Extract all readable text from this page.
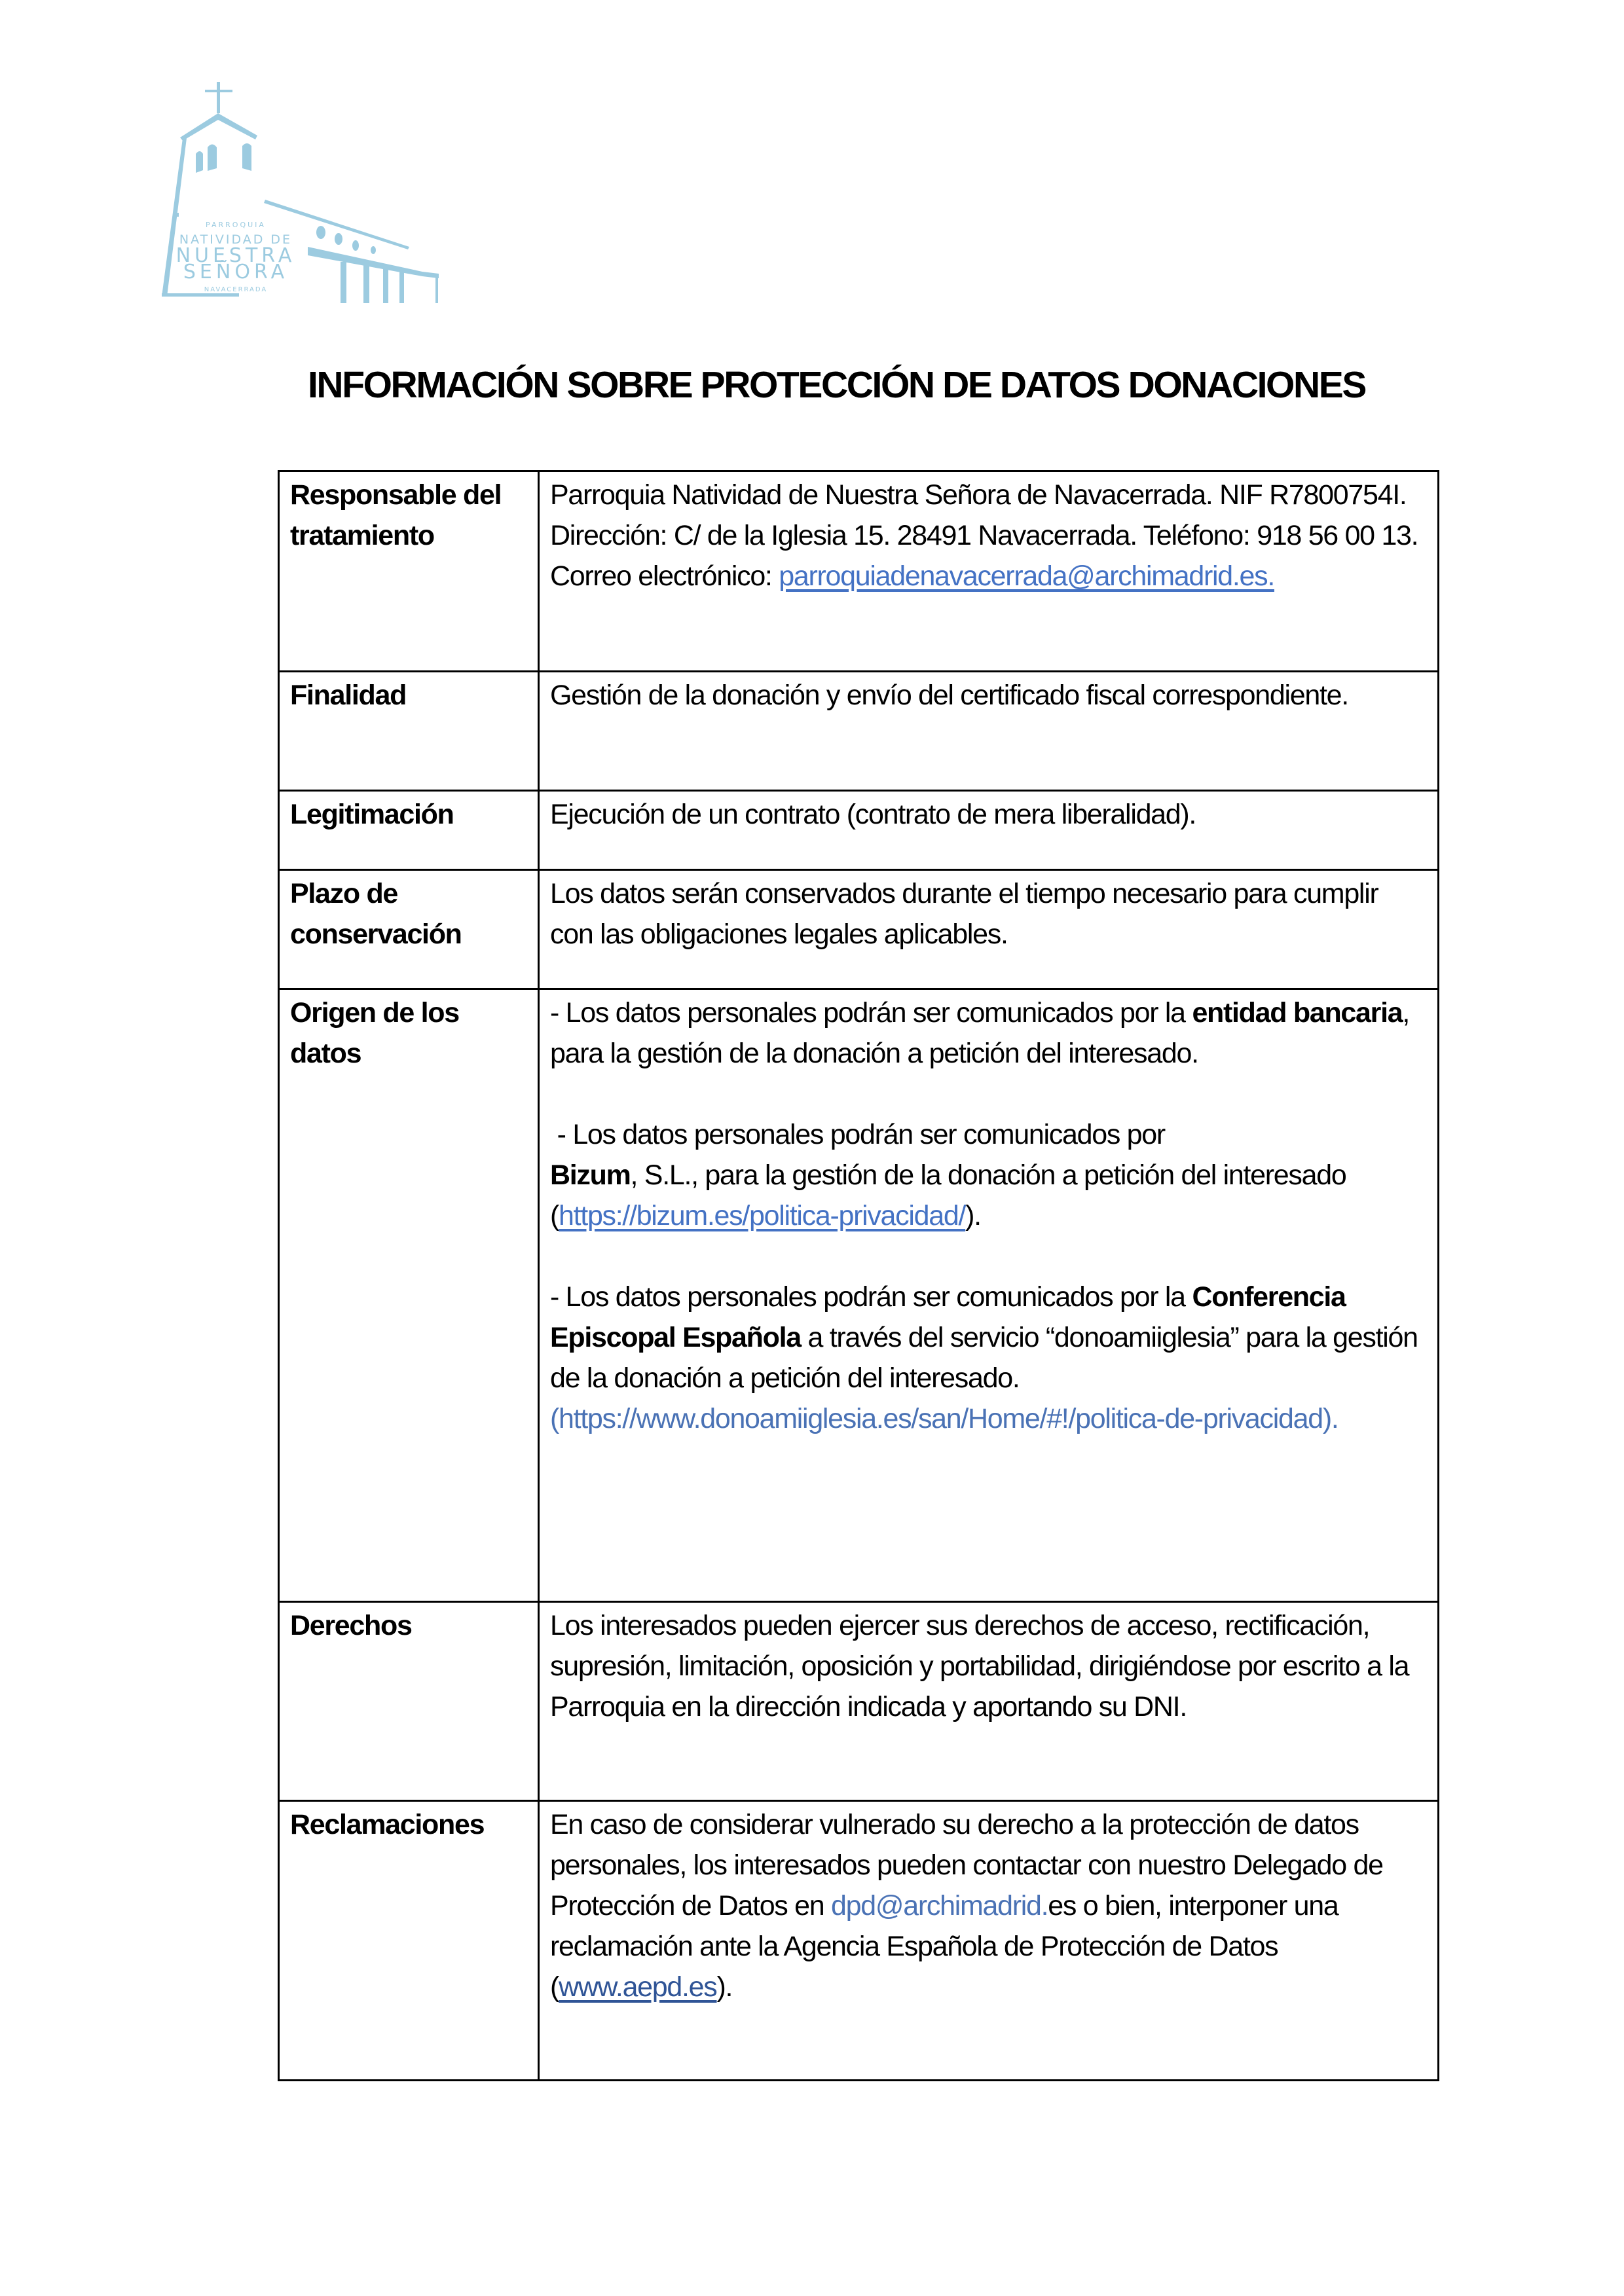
PARROQUIA
NATIVIDAD DE
NUESTRA
SEÑORA
NAVACERRADA
INFORMACIÓN SOBRE PROTECCIÓN DE DATOS DONACIONES
Responsable del tratamiento	Parroquia Natividad de Nuestra Señora de Navacerrada. NIF R7800754I. Dirección: C/ de la Iglesia 15. 28491 Navacerrada. Teléfono: 918 56 00 13. Correo electrónico: parroquiadenavacerrada@archimadrid.es.
Finalidad	Gestión de la donación y envío del certificado fiscal correspondiente.
Legitimación	Ejecución de un contrato (contrato de mera liberalidad).
Plazo de conservación	Los datos serán conservados durante el tiempo necesario para cumplir con las obligaciones legales aplicables.
Origen de los datos	- Los datos personales podrán ser comunicados por la entidad bancaria, para la gestión de la donación a petición del interesado.

- Los datos personales podrán ser comunicados por
Bizum, S.L., para la gestión de la donación a petición del interesado (https://bizum.es/politica-privacidad/).

- Los datos personales podrán ser comunicados por la Conferencia Episcopal Española a través del servicio “donoamiiglesia” para la gestión de la donación a petición del interesado.
(https://www.donoamiiglesia.es/san/Home/#!/politica-de-privacidad).

Derechos	Los interesados pueden ejercer sus derechos de acceso, rectificación, supresión, limitación, oposición y portabilidad, dirigiéndose por escrito a la Parroquia en la dirección indicada y aportando su DNI.
Reclamaciones	En caso de considerar vulnerado su derecho a la protección de datos personales, los interesados pueden contactar con nuestro Delegado de Protección de Datos en dpd@archimadrid.es o bien, interponer una reclamación ante la Agencia Española de Protección de Datos (www.aepd.es).
